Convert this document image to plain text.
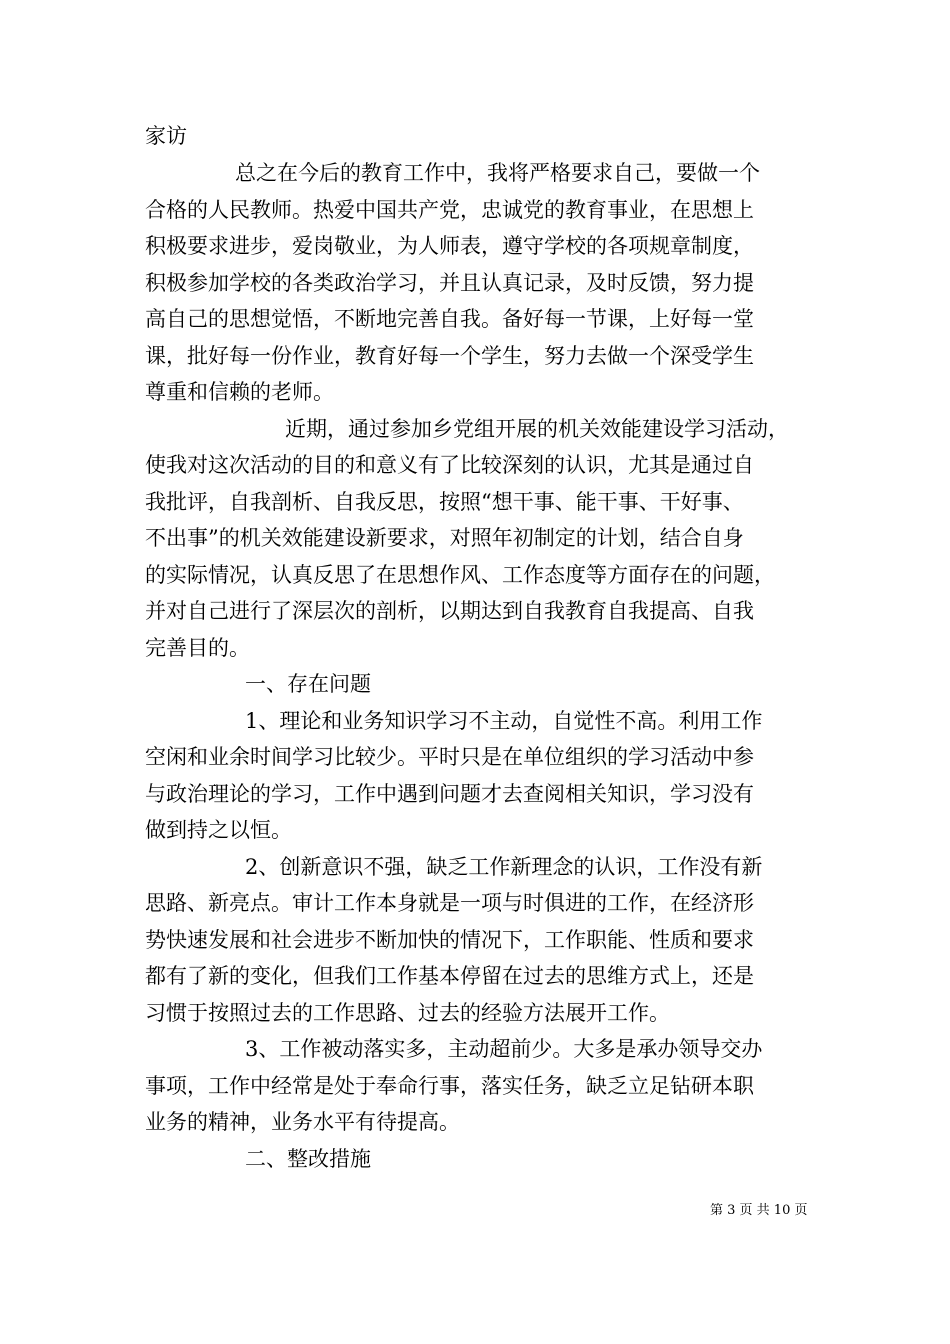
家访
总之在今后的教育工作中，我将严格要求自己，要做一个
合格的人民教师。热爱中国共产党，忠诚党的教育事业，在思想上
积极要求进步，爱岗敬业，为人师表，遵守学校的各项规章制度，
积极参加学校的各类政治学习，并且认真记录，及时反馈，努力提
高自己的思想觉悟，不断地完善自我。备好每一节课，上好每一堂
课，批好每一份作业，教育好每一个学生，努力去做一个深受学生
尊重和信赖的老师。
近期，通过参加乡党组开展的机关效能建设学习活动，
使我对这次活动的目的和意义有了比较深刻的认识，尤其是通过自
我批评，自我剖析、自我反思，按照“想干事、能干事、干好事、
不出事”的机关效能建设新要求，对照年初制定的计划，结合自身
的实际情况，认真反思了在思想作风、工作态度等方面存在的问题，
并对自己进行了深层次的剖析，以期达到自我教育自我提高、自我
完善目的。
一、存在问题
1、理论和业务知识学习不主动，自觉性不高。利用工作
空闲和业余时间学习比较少。平时只是在单位组织的学习活动中参
与政治理论的学习，工作中遇到问题才去查阅相关知识，学习没有
做到持之以恒。
2、创新意识不强，缺乏工作新理念的认识，工作没有新
思路、新亮点。审计工作本身就是一项与时俱进的工作，在经济形
势快速发展和社会进步不断加快的情况下，工作职能、性质和要求
都有了新的变化，但我们工作基本停留在过去的思维方式上，还是
习惯于按照过去的工作思路、过去的经验方法展开工作。
3、工作被动落实多，主动超前少。大多是承办领导交办
事项，工作中经常是处于奉命行事，落实任务，缺乏立足钻研本职
业务的精神，业务水平有待提高。
二、整改措施
第 3 页 共 10 页
